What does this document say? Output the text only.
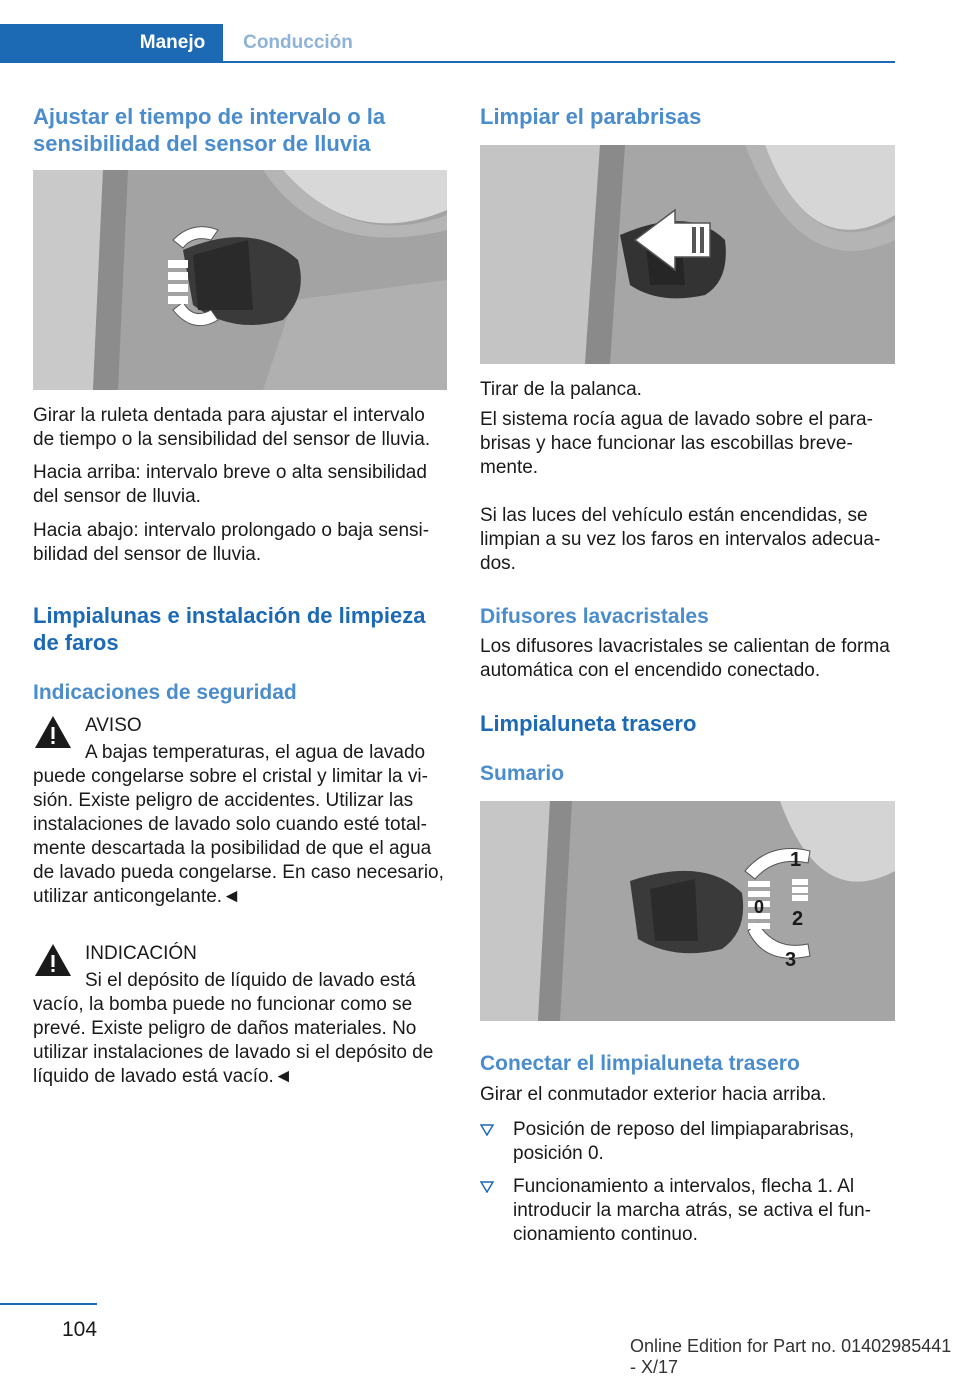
Manejo	Conducción
Ajustar el tiempo de intervalo o la sensibilidad del sensor de lluvia

Girar la ruleta dentada para ajustar el intervalo de tiempo o la sensibilidad del sensor de lluvia.

Hacia arriba: intervalo breve o alta sensibilidad del sensor de lluvia.

Hacia abajo: intervalo prolongado o baja sensibilidad del sensor de lluvia.

Limpialunas e instalación de limpieza de faros
Indicaciones de seguridad

AVISO

A bajas temperaturas, el agua de lavado puede congelarse sobre el cristal y limitar la visión. Existe peligro de accidentes. Utilizar las instalaciones de lavado solo cuando esté totalmente descartada la posibilidad de que el agua de lavado pueda congelarse. En caso necesario, utilizar anticongelante.◄

INDICACIÓN

Si el depósito de líquido de lavado está vacío, la bomba puede no funcionar como se prevé. Existe peligro de daños materiales. No utilizar instalaciones de lavado si el depósito de líquido de lavado está vacío.◄

Limpiar el parabrisas

Tirar de la palanca.

El sistema rocía agua de lavado sobre el parabrisas y hace funcionar las escobillas brevemente.

Si las luces del vehículo están encendidas, se limpian a su vez los faros en intervalos adecuados.

Difusores lavacristales

Los difusores lavacristales se calientan de forma automática con el encendido conectado.

Limpialuneta trasero
Sumario
1
0
2
3
Conectar el limpialuneta trasero

Girar el conmutador exterior hacia arriba.

Posición de reposo del limpiaparabrisas, posición 0.
Funcionamiento a intervalos, flecha 1. Al introducir la marcha atrás, se activa el funcionamiento continuo.
104
Online Edition for Part no. 01402985441 - X/17
